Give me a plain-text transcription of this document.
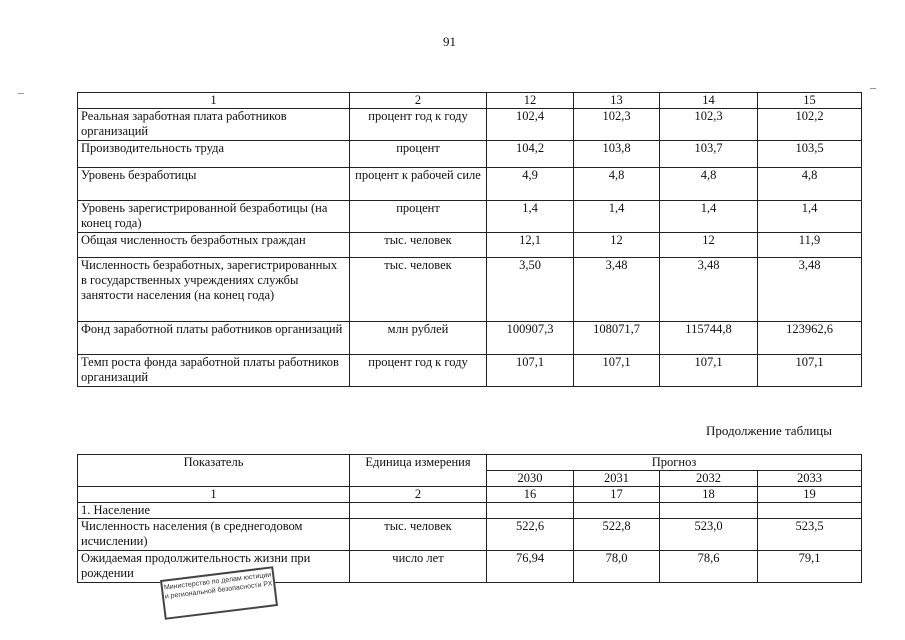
91
1	2	12	13	14	15
Реальная заработная плата работников организаций	процент год к году	102,4	102,3	102,3	102,2
Производительность труда	процент	104,2	103,8	103,7	103,5
Уровень безработицы	процент к рабочей силе	4,9	4,8	4,8	4,8
Уровень зарегистрированной безработицы (на конец года)	процент	1,4	1,4	1,4	1,4
Общая численность безработных граждан	тыс. человек	12,1	12	12	11,9
Численность безработных, зарегистрированных в государственных учреждениях службы занятости населения (на конец года)	тыс. человек	3,50	3,48	3,48	3,48
Фонд заработной платы работников организаций	млн рублей	100907,3	108071,7	115744,8	123962,6
Темп роста фонда заработной платы работников организаций	процент год к году	107,1	107,1	107,1	107,1
Продолжение таблицы
Показатель	Единица измерения	Прогноз			
		2030	2031	2032	2033
1	2	16	17	18	19
1. Население					
Численность населения (в среднегодовом исчислении)	тыс. человек	522,6	522,8	523,0	523,5
Ожидаемая продолжительность жизни при рождении	число лет	76,94	78,0	78,6	79,1
Министерство по делам юстиции и региональной безопасности РХ
